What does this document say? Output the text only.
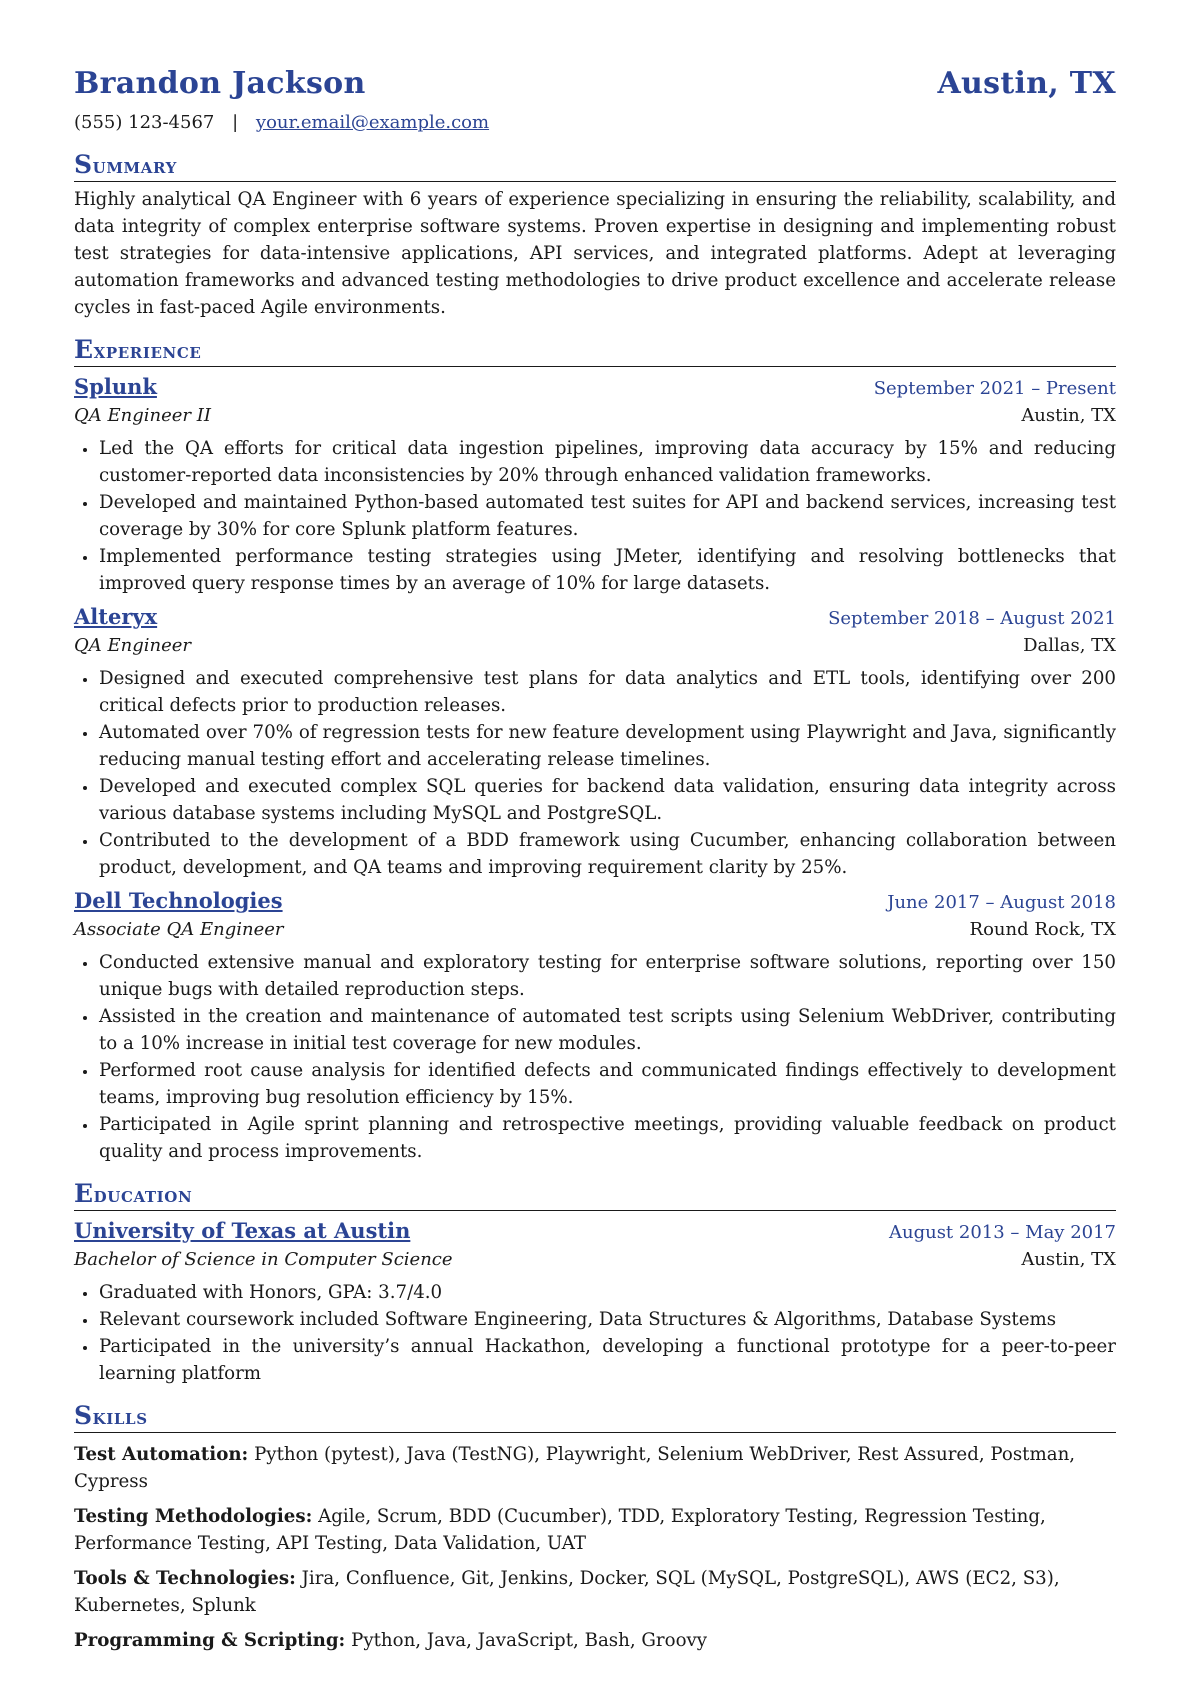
Brandon Jackson	Austin, TX
(555) 123-4567 | your.email@example.com
Summary
Highly analytical QA Engineer with 6 years of experience specializing in ensuring the reliability, scalability, and data integrity of complex enterprise software systems. Proven expertise in designing and implementing robust test strategies for data-intensive applications, API services, and integrated platforms. Adept at leveraging automation frameworks and advanced testing methodologies to drive product excellence and accelerate release cycles in fast-paced Agile environments.
Experience
Splunk	September 2021 – Present
QA Engineer II	Austin, TX
• Led the QA efforts for critical data ingestion pipelines, improving data accuracy by 15% and reducing customer-reported data inconsistencies by 20% through enhanced validation frameworks.
• Developed and maintained Python-based automated test suites for API and backend services, increasing test coverage by 30% for core Splunk platform features.
• Implemented performance testing strategies using JMeter, identifying and resolving bottlenecks that improved query response times by an average of 10% for large datasets.
Alteryx	September 2018 – August 2021
QA Engineer	Dallas, TX
• Designed and executed comprehensive test plans for data analytics and ETL tools, identifying over 200 critical defects prior to production releases.
• Automated over 70% of regression tests for new feature development using Playwright and Java, significantly reducing manual testing effort and accelerating release timelines.
• Developed and executed complex SQL queries for backend data validation, ensuring data integrity across various database systems including MySQL and PostgreSQL.
• Contributed to the development of a BDD framework using Cucumber, enhancing collaboration between product, development, and QA teams and improving requirement clarity by 25%.
Dell Technologies	June 2017 – August 2018
Associate QA Engineer	Round Rock, TX
• Conducted extensive manual and exploratory testing for enterprise software solutions, reporting over 150 unique bugs with detailed reproduction steps.
• Assisted in the creation and maintenance of automated test scripts using Selenium WebDriver, contributing to a 10% increase in initial test coverage for new modules.
• Performed root cause analysis for identified defects and communicated findings effectively to development teams, improving bug resolution efficiency by 15%.
• Participated in Agile sprint planning and retrospective meetings, providing valuable feedback on product quality and process improvements.
Education
University of Texas at Austin	August 2013 – May 2017
Bachelor of Science in Computer Science	Austin, TX
• Graduated with Honors, GPA: 3.7/4.0
• Relevant coursework included Software Engineering, Data Structures & Algorithms, Database Systems
• Participated in the university’s annual Hackathon, developing a functional prototype for a peer-to-peer learning platform
Skills
Test Automation: Python (pytest), Java (TestNG), Playwright, Selenium WebDriver, Rest Assured, Postman, Cypress
Testing Methodologies: Agile, Scrum, BDD (Cucumber), TDD, Exploratory Testing, Regression Testing, Performance Testing, API Testing, Data Validation, UAT
Tools & Technologies: Jira, Confluence, Git, Jenkins, Docker, SQL (MySQL, PostgreSQL), AWS (EC2, S3), Kubernetes, Splunk
Programming & Scripting: Python, Java, JavaScript, Bash, Groovy
